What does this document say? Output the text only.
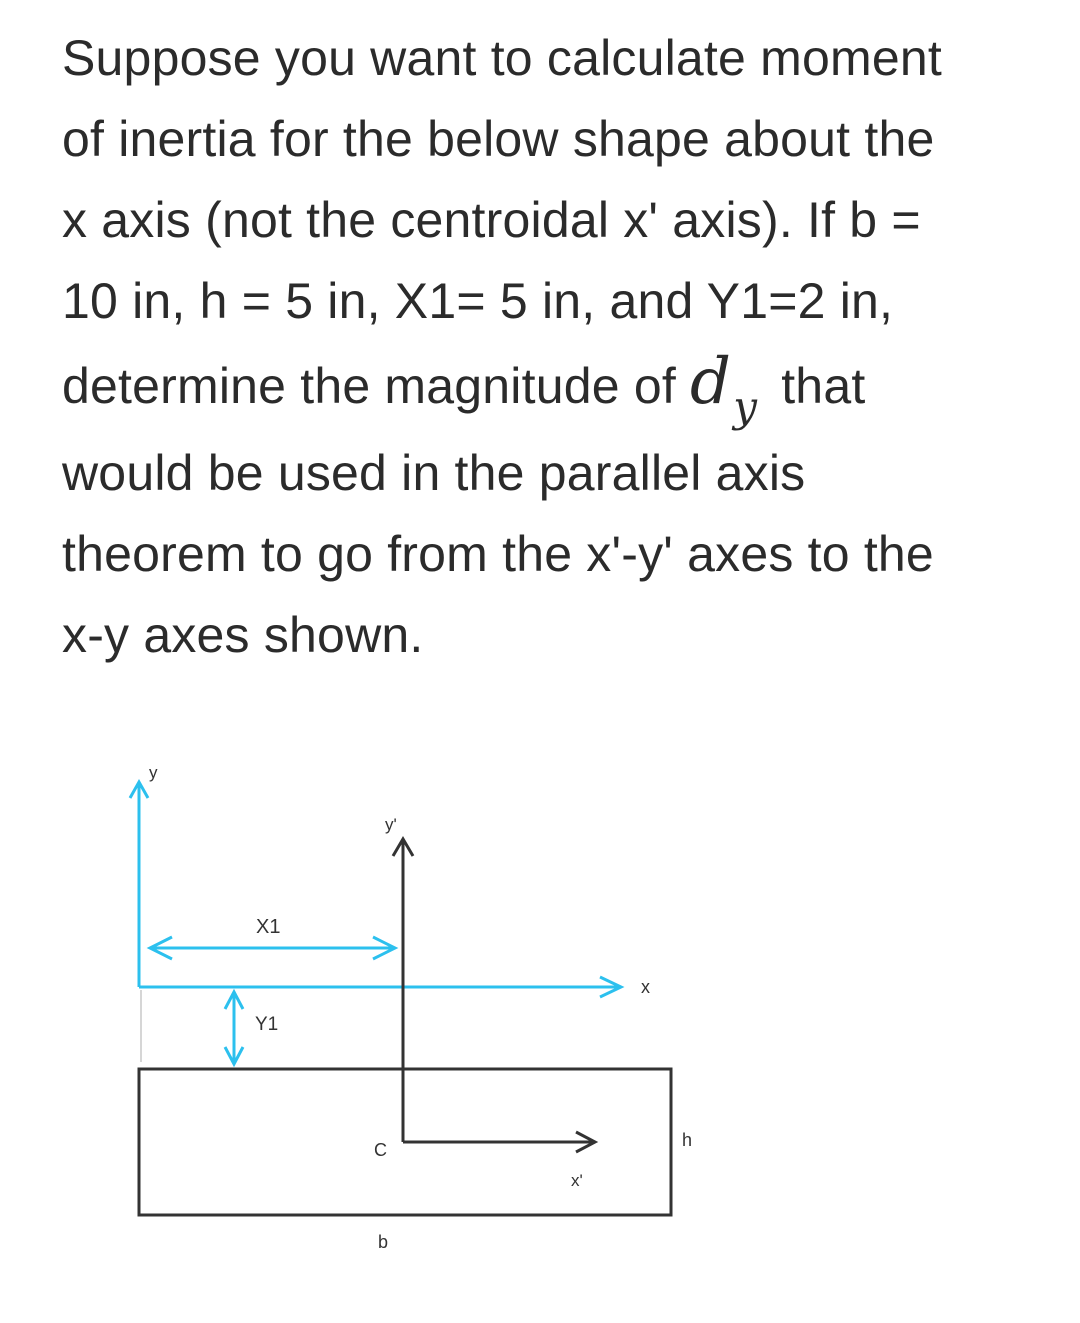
Suppose you want to calculate moment
of inertia for the below shape about the
x axis (not the centroidal x' axis). If b =
10 in, h = 5 in, X1= 5 in, and Y1=2 in,
determine the magnitude of $d_y$ that
would be used in the parallel axis
theorem to go from the x'-y' axes to the
x-y axes shown.
y
y'
X1
x
Y1
C	h
x'
b
